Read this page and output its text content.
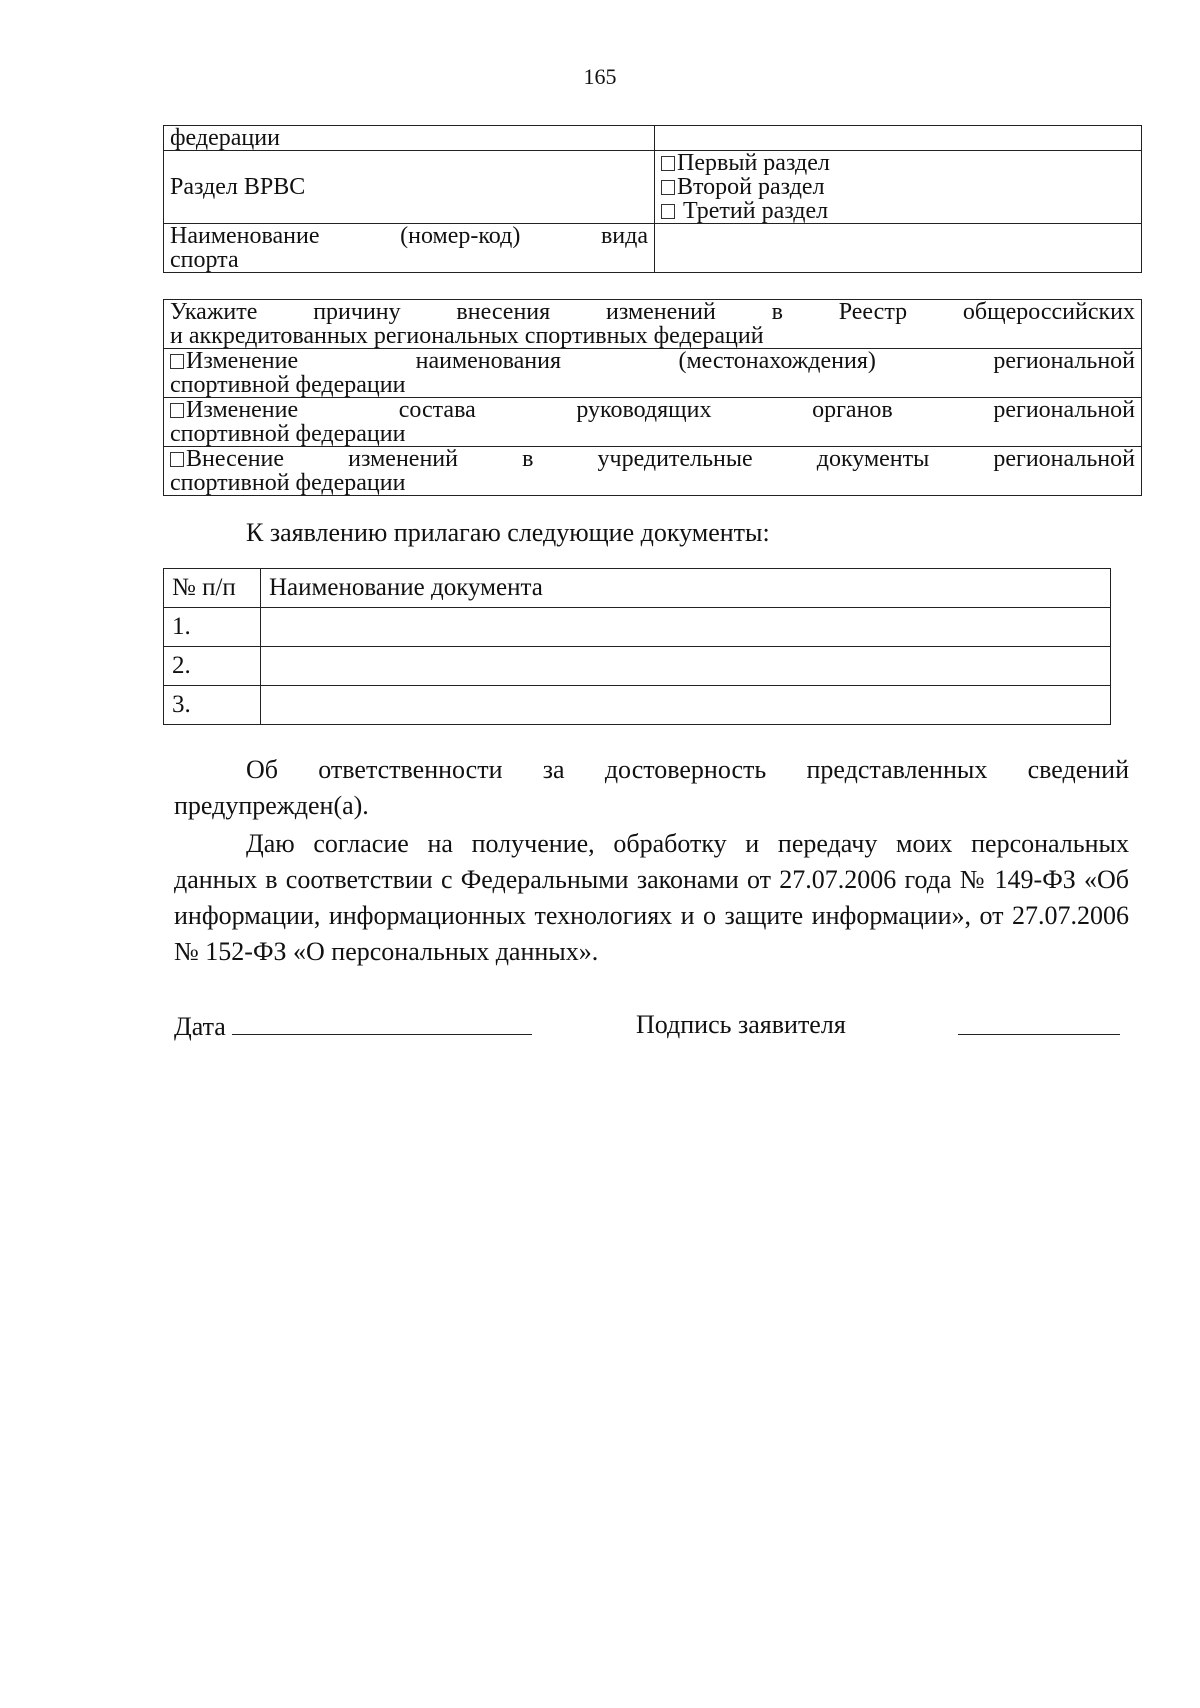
165
федерации	
Раздел ВРВС	Первый раздел
Второй раздел
Третий раздел

Наименование (номер-код) вида
спорта	

Укажите причину внесения изменений в Реестр общероссийских
и аккредитованных региональных спортивных федераций

Изменение наименования (местонахождения) региональной
спортивной федерации

Изменение состава руководящих органов региональной
спортивной федерации

Внесение изменений в учредительные документы региональной
спортивной федерации
К заявлению прилагаю следующие документы:
№ п/п	Наименование документа
1.	
2.	
3.	

Об ответственности за достоверность представленных сведений
предупрежден(а).

Даю согласие на получение, обработку и передачу моих персональных
данных в соответствии с Федеральными законами от 27.07.2006 года № 149-ФЗ «Об информации, информационных технологиях и о защите информации», от 27.07.2006 № 152-ФЗ «О персональных данных».

Дата	Подпись заявителя
